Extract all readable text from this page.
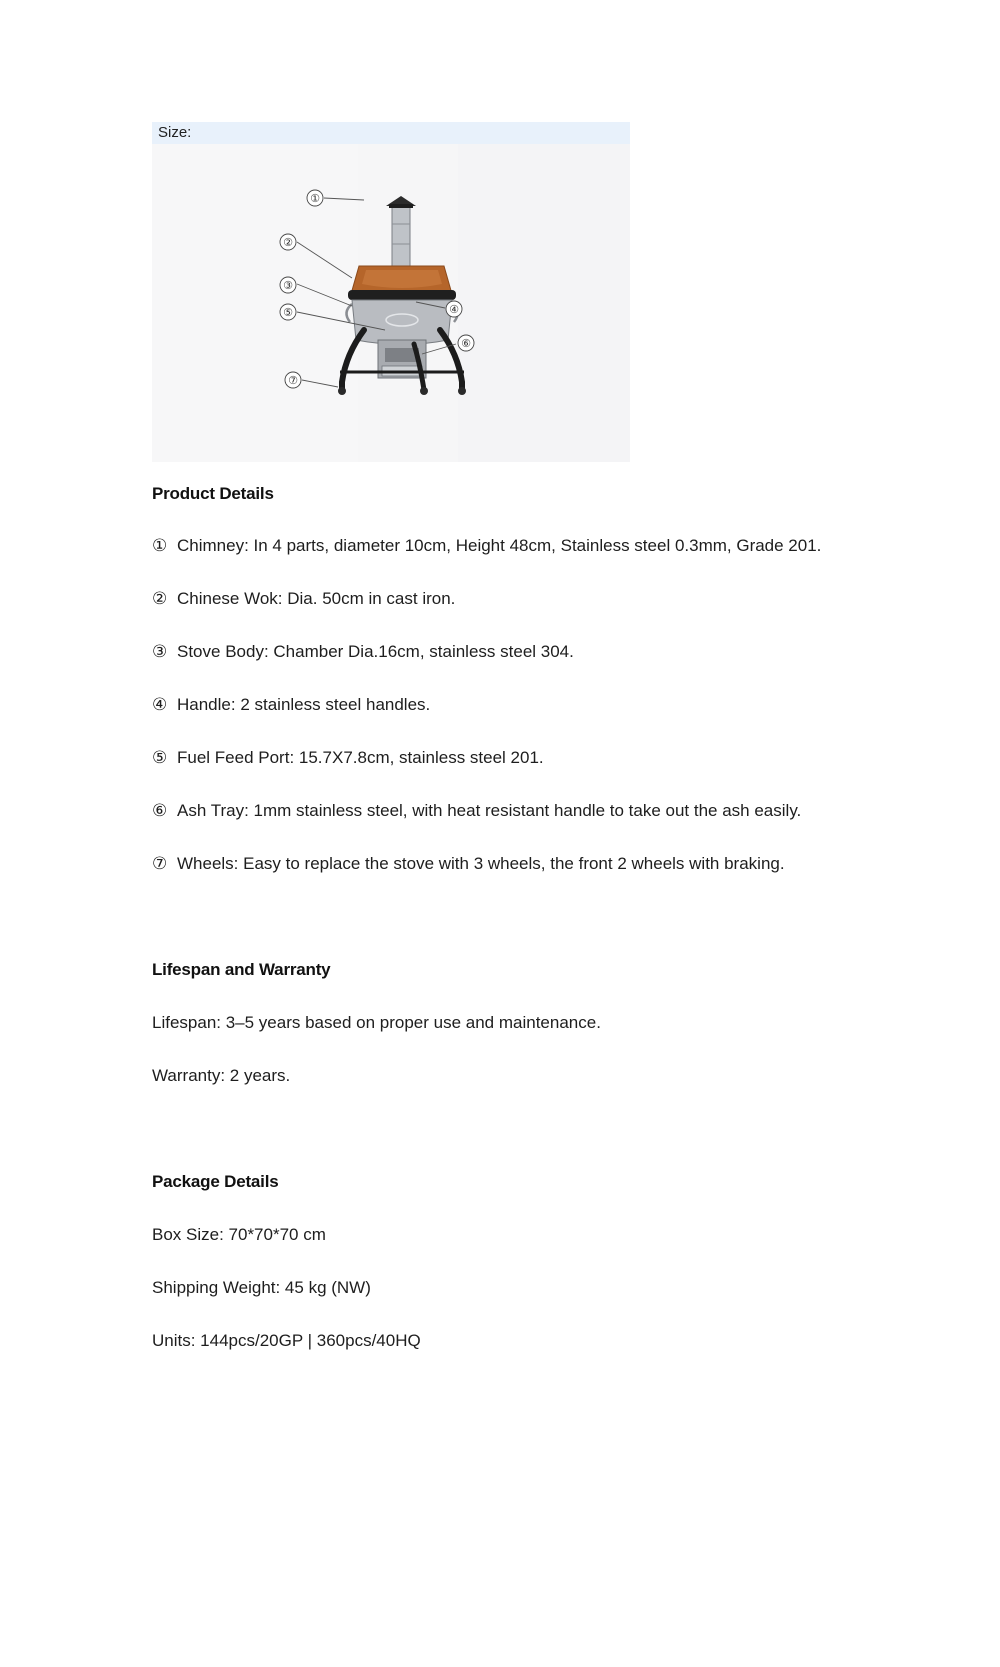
Size:
①
②
③
④
⑤
⑥
⑦
Product Details
① Chimney: In 4 parts, diameter 10cm, Height 48cm, Stainless steel 0.3mm, Grade 201.
② Chinese Wok: Dia. 50cm in cast iron.
③ Stove Body: Chamber Dia.16cm, stainless steel 304.
④ Handle: 2 stainless steel handles.
⑤ Fuel Feed Port: 15.7X7.8cm, stainless steel 201.
⑥ Ash Tray: 1mm stainless steel, with heat resistant handle to take out the ash easily.
⑦ Wheels: Easy to replace the stove with 3 wheels, the front 2 wheels with braking.
Lifespan and Warranty
Lifespan: 3–5 years based on proper use and maintenance.
Warranty: 2 years.
Package Details
Box Size: 70*70*70 cm
Shipping Weight: 45 kg (NW)
Units: 144pcs/20GP | 360pcs/40HQ
